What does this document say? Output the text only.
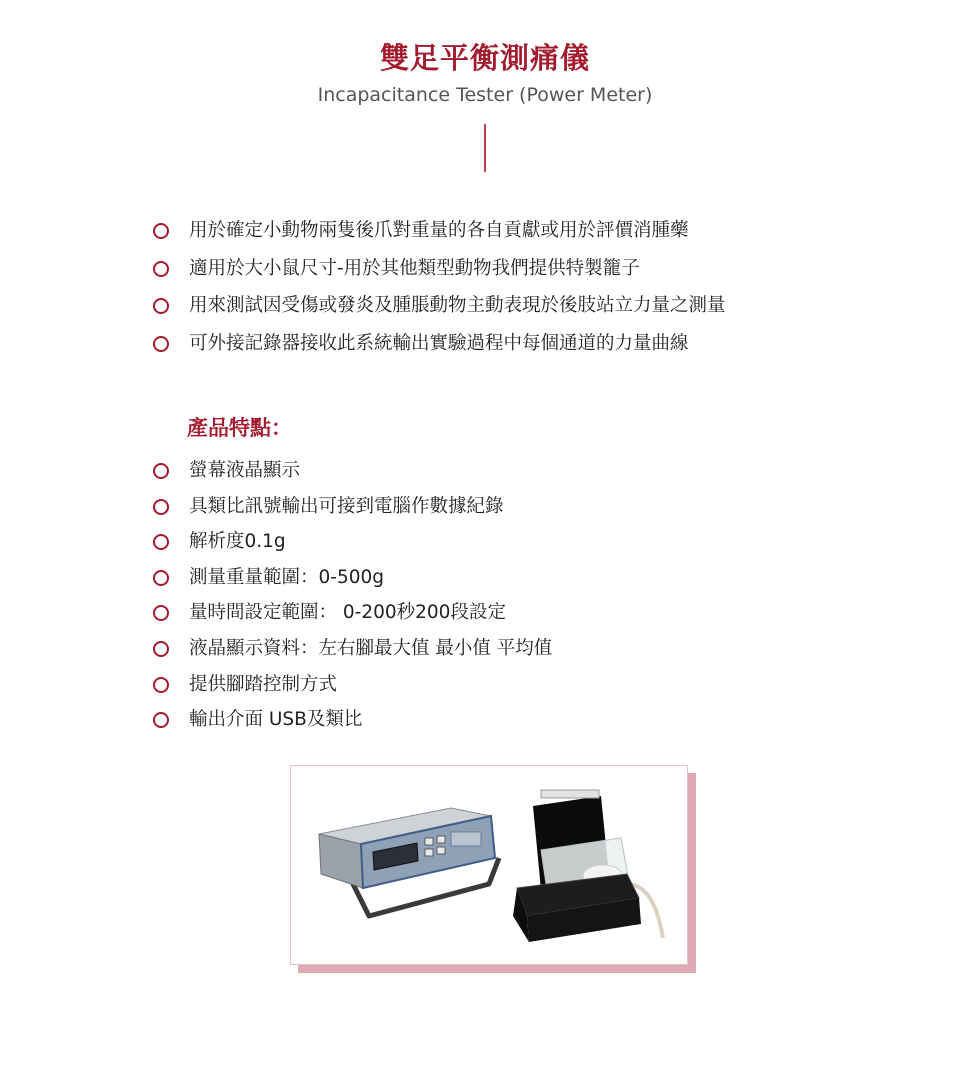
雙足平衡測痛儀
Incapacitance Tester (Power Meter)
用於確定小動物兩隻後爪對重量的各自貢獻或用於評價消腫藥
適用於大小鼠尺寸-用於其他類型動物我們提供特製籠子
用來測試因受傷或發炎及腫脹動物主動表現於後肢站立力量之測量
可外接記錄器接收此系統輸出實驗過程中每個通道的力量曲線
產品特點：
螢幕液晶顯示
具類比訊號輸出可接到電腦作數據紀錄
解析度0.1g
測量重量範圍：0-500g
量時間設定範圍： 0-200秒200段設定
液晶顯示資料：左右腳最大值 最小值 平均值
提供腳踏控制方式
輸出介面 USB及類比
